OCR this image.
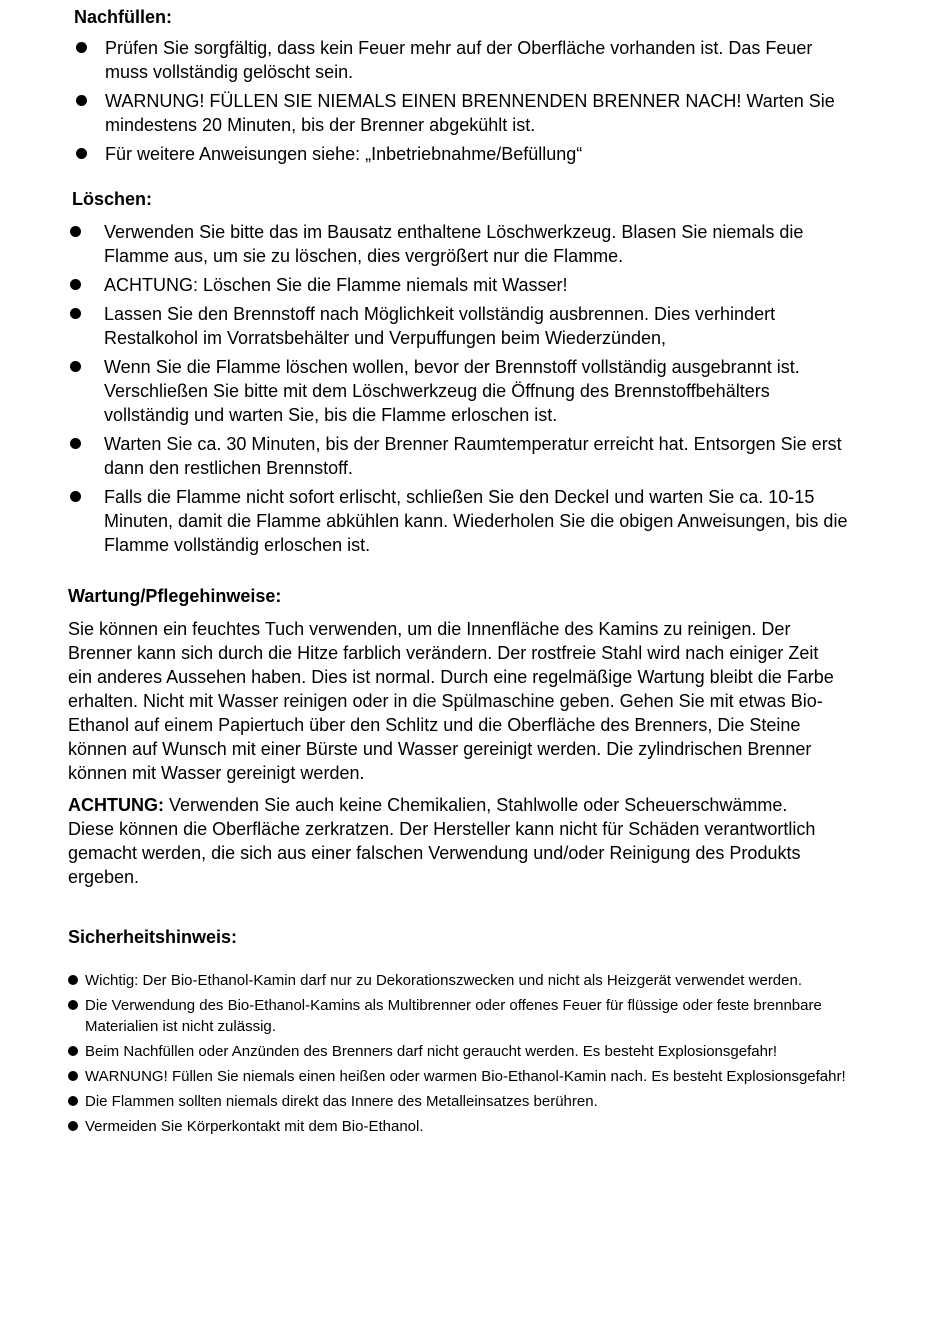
Nachfüllen:
Prüfen Sie sorgfältig, dass kein Feuer mehr auf der Oberfläche vorhanden ist. Das Feuer muss vollständig gelöscht sein.
WARNUNG! FÜLLEN SIE NIEMALS EINEN BRENNENDEN BRENNER NACH! Warten Sie mindestens 20 Minuten, bis der Brenner abgekühlt ist.
Für weitere Anweisungen siehe: „Inbetriebnahme/Befüllung“
Löschen:
Verwenden Sie bitte das im Bausatz enthaltene Löschwerkzeug. Blasen Sie niemals die Flamme aus, um sie zu löschen, dies vergrößert nur die Flamme.
ACHTUNG: Löschen Sie die Flamme niemals mit Wasser!
Lassen Sie den Brennstoff nach Möglichkeit vollständig ausbrennen. Dies verhindert Restalkohol im Vorratsbehälter und Verpuffungen beim Wiederzünden,
Wenn Sie die Flamme löschen wollen, bevor der Brennstoff vollständig ausgebrannt ist. Verschließen Sie bitte mit dem Löschwerkzeug die Öffnung des Brennstoffbehälters vollständig und warten Sie, bis die Flamme erloschen ist.
Warten Sie ca. 30 Minuten, bis der Brenner Raumtemperatur erreicht hat. Entsorgen Sie erst dann den restlichen Brennstoff.
Falls die Flamme nicht sofort erlischt, schließen Sie den Deckel und warten Sie ca. 10-15 Minuten, damit die Flamme abkühlen kann. Wiederholen Sie die obigen Anweisungen, bis die Flamme vollständig erloschen ist.
Wartung/Pflegehinweise:

Sie können ein feuchtes Tuch verwenden, um die Innenfläche des Kamins zu reinigen. Der Brenner kann sich durch die Hitze farblich verändern. Der rostfreie Stahl wird nach einiger Zeit ein anderes Aussehen haben. Dies ist normal. Durch eine regelmäßige Wartung bleibt die Farbe erhalten. Nicht mit Wasser reinigen oder in die Spülmaschine geben. Gehen Sie mit etwas Bio-Ethanol auf einem Papiertuch über den Schlitz und die Oberfläche des Brenners, Die Steine können auf Wunsch mit einer Bürste und Wasser gereinigt werden. Die zylindrischen Brenner können mit Wasser gereinigt werden.

ACHTUNG: Verwenden Sie auch keine Chemikalien, Stahlwolle oder Scheuerschwämme. Diese können die Oberfläche zerkratzen. Der Hersteller kann nicht für Schäden verantwortlich gemacht werden, die sich aus einer falschen Verwendung und/oder Reinigung des Produkts ergeben.

Sicherheitshinweis:
Wichtig: Der Bio-Ethanol-Kamin darf nur zu Dekorationszwecken und nicht als Heizgerät verwendet werden.
Die Verwendung des Bio-Ethanol-Kamins als Multibrenner oder offenes Feuer für flüssige oder feste brennbare Materialien ist nicht zulässig.
Beim Nachfüllen oder Anzünden des Brenners darf nicht geraucht werden. Es besteht Explosionsgefahr!
WARNUNG! Füllen Sie niemals einen heißen oder warmen Bio-Ethanol-Kamin nach. Es besteht Explosionsgefahr!
Die Flammen sollten niemals direkt das Innere des Metalleinsatzes berühren.
Vermeiden Sie Körperkontakt mit dem Bio-Ethanol.
